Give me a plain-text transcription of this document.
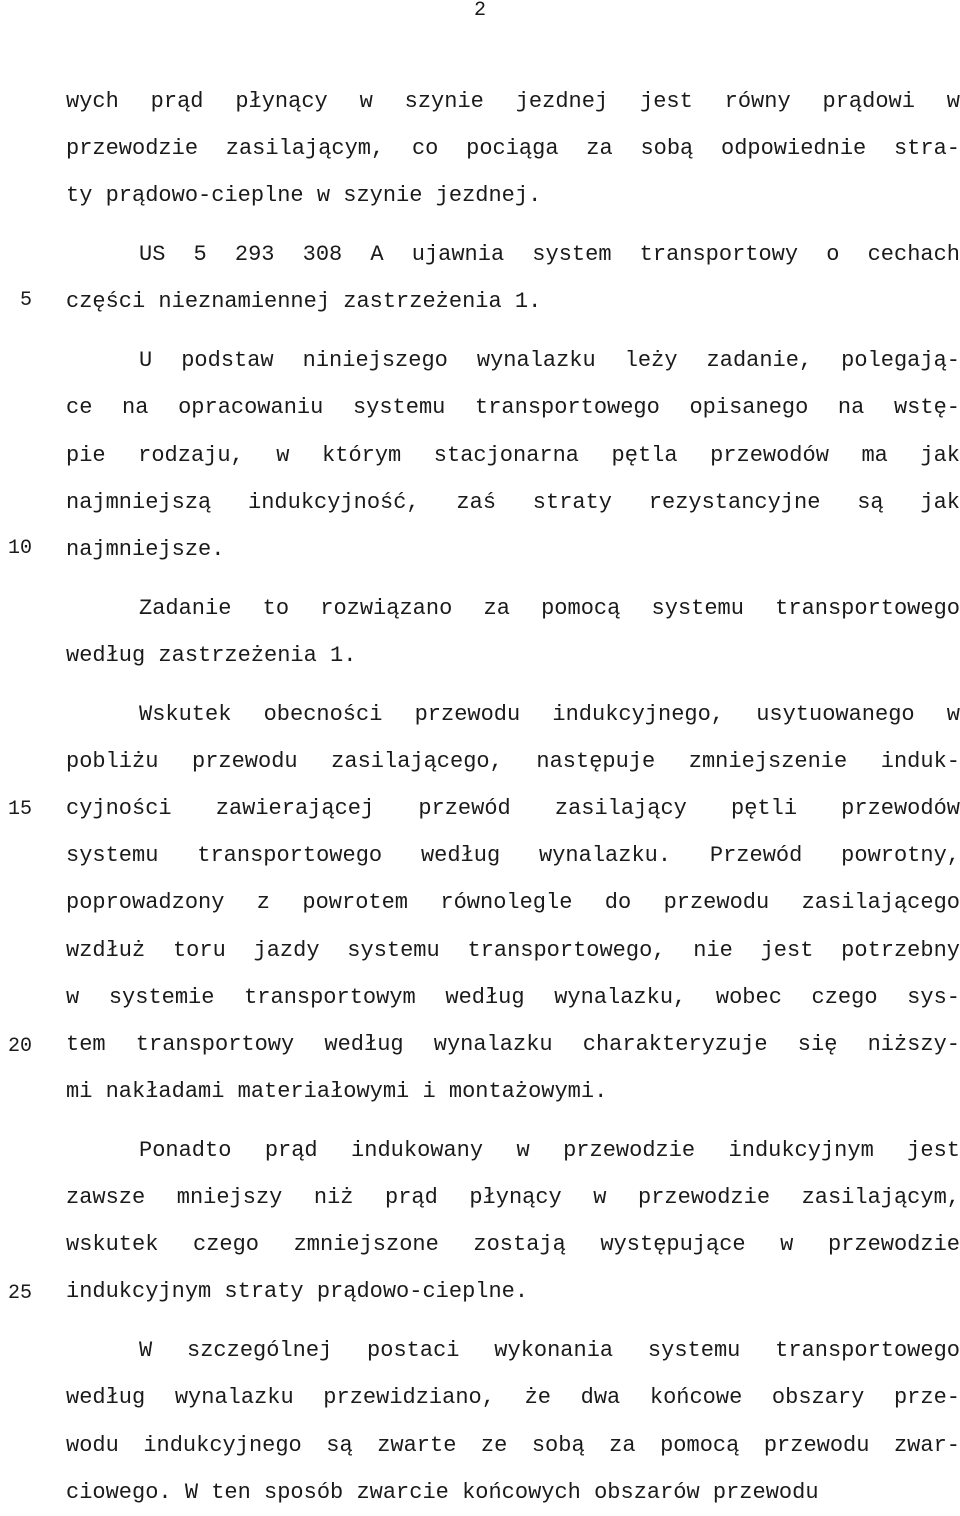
2
5
10
15
20
25
wych prąd płynący w szynie jezdnej jest równy prądowi w
przewodzie zasilającym, co pociąga za sobą odpowiednie stra-
ty prądowo-cieplne w szynie jezdnej.
US 5 293 308 A ujawnia system transportowy o cechach
części nieznamiennej zastrzeżenia 1.
U podstaw niniejszego wynalazku leży zadanie, polegają-
ce na opracowaniu systemu transportowego opisanego na wstę-
pie rodzaju, w którym stacjonarna pętla przewodów ma jak
najmniejszą indukcyjność, zaś straty rezystancyjne są jak
najmniejsze.
Zadanie to rozwiązano za pomocą systemu transportowego
według zastrzeżenia 1.
Wskutek obecności przewodu indukcyjnego, usytuowanego w
pobliżu przewodu zasilającego, następuje zmniejszenie induk-
cyjności zawierającej przewód zasilający pętli przewodów
systemu transportowego według wynalazku. Przewód powrotny,
poprowadzony z powrotem równolegle do przewodu zasilającego
wzdłuż toru jazdy systemu transportowego, nie jest potrzebny
w systemie transportowym według wynalazku, wobec czego sys-
tem transportowy według wynalazku charakteryzuje się niższy-
mi nakładami materiałowymi i montażowymi.
Ponadto prąd indukowany w przewodzie indukcyjnym jest
zawsze mniejszy niż prąd płynący w przewodzie zasilającym,
wskutek czego zmniejszone zostają występujące w przewodzie
indukcyjnym straty prądowo-cieplne.
W szczególnej postaci wykonania systemu transportowego
według wynalazku przewidziano, że dwa końcowe obszary prze-
wodu indukcyjnego są zwarte ze sobą za pomocą przewodu zwar-
ciowego. W ten sposób zwarcie końcowych obszarów przewodu
